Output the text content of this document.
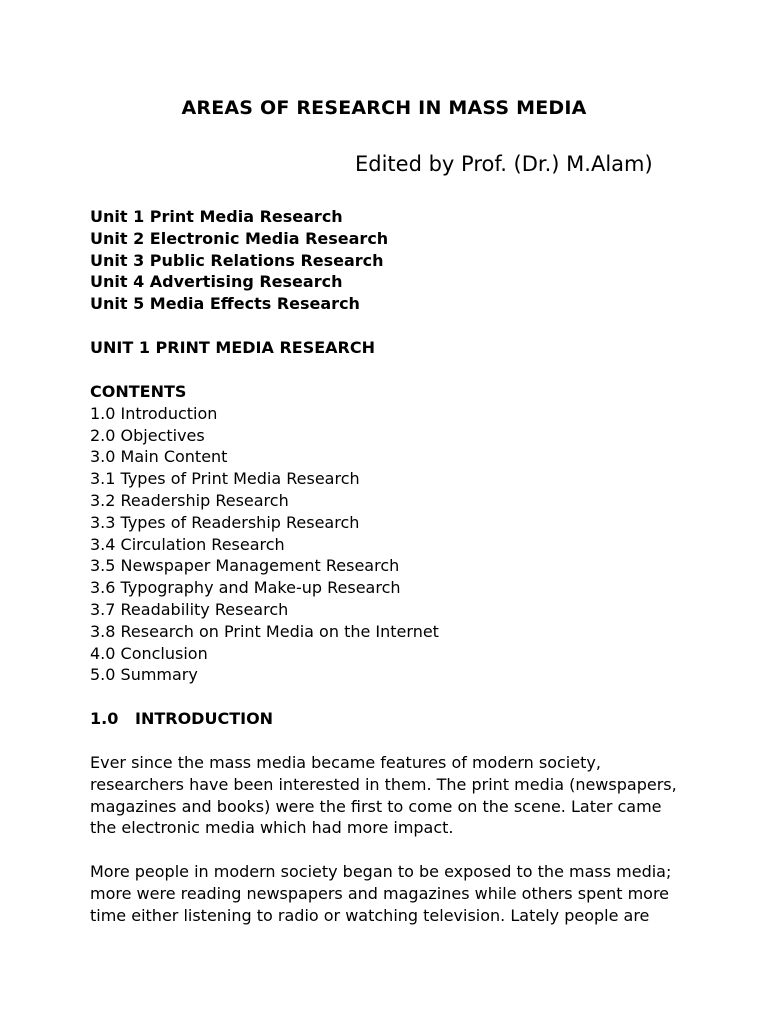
AREAS OF RESEARCH IN MASS MEDIA
Edited by Prof. (Dr.) M.Alam)
Unit 1 Print Media Research
Unit 2 Electronic Media Research
Unit 3 Public Relations Research
Unit 4 Advertising Research
Unit 5 Media Effects Research
UNIT 1 PRINT MEDIA RESEARCH
CONTENTS
1.0 Introduction
2.0 Objectives
3.0 Main Content
3.1 Types of Print Media Research
3.2 Readership Research
3.3 Types of Readership Research
3.4 Circulation Research
3.5 Newspaper Management Research
3.6 Typography and Make-up Research
3.7 Readability Research
3.8 Research on Print Media on the Internet
4.0 Conclusion
5.0 Summary
1.0 INTRODUCTION
Ever since the mass media became features of modern society,
researchers have been interested in them. The print media (newspapers,
magazines and books) were the first to come on the scene. Later came
the electronic media which had more impact.
More people in modern society began to be exposed to the mass media;
more were reading newspapers and magazines while others spent more
time either listening to radio or watching television. Lately people are
